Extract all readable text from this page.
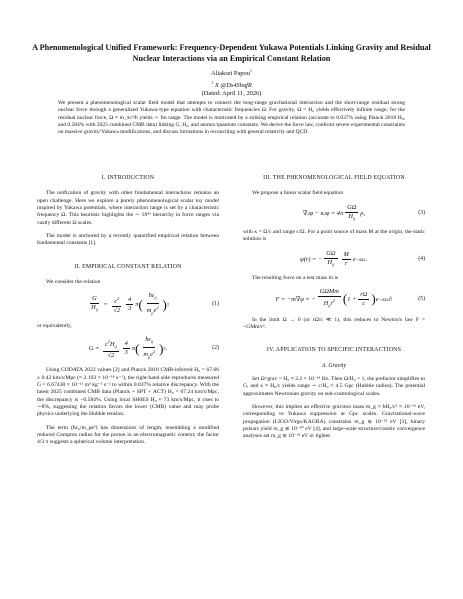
A Phenomenological Unified Framework: Frequency-Dependent Yukawa Potentials Linking Gravity and Residual Nuclear Interactions via an Empirical Constant Relation
Aliaksei Papou$^1$
$^1$ X @Ds4SbqfR
(Dated: April 11, 2026)
We present a phenomenological scalar field model that attempts to connect the long-range gravitational interaction and the short-range residual strong nuclear force through a generalized Yukawa-type equation with characteristic frequencies Ω. For gravity, Ω = H₀ yields effectively infinite range; for the residual nuclear force, Ω ≈ m_πc²/ħ yields ∼ fm range. The model is motivated by a striking empirical relation (accurate to 0.037% using Planck 2018 H₀, and 0.584% with 2025 combined CMB data) linking G, H₀, and atomic/quantum constants. We derive the force law, confront severe experimental constraints on massive gravity/Yukawa modifications, and discuss limitations in reconciling with general relativity and QCD.
I. INTRODUCTION

The unification of gravity with other fundamental interactions remains an open challenge. Here we explore a purely phenomenological scalar toy model inspired by Yukawa potentials, where interaction range is set by a characteristic frequency Ω. This heuristic highlights the ∼ 10⁴² hierarchy in force ranges via vastly different Ω scales.

The model is anchored by a recently quantified empirical relation between fundamental constants [1].

II. EMPIRICAL CONSTANT RELATION

We consider the relation

$\frac{G}{H_0} = \frac{c^2}{√2} \frac{4}{3}$ π ( $\frac{ħ\varepsilon_0}{m_pe^2}$ ) 3	(1)

or equivalently,

$G = \frac{c^2H_0}{√2} \frac{4}{3}$ π ( $\frac{ħ\varepsilon_0}{m_pe^2}$ ) 3 .	(2)

Using CODATA 2022 values [2] and Planck 2018 CMB-inferred H₀ = 67.66 ± 0.42 km/s/Mpc (≈ 2.193 × 10⁻¹⁸ s⁻¹), the right-hand side reproduces measured G = 6.67430 × 10⁻¹¹ m³ kg⁻¹ s⁻² to within 0.037% relative discrepancy. With the latest 2025 combined CMB data (Planck + SPT + ACT) H₀ = 67.24 km/s/Mpc, the discrepancy is −0.584%. Using local SH0ES H₀ ≈ 73 km/s/Mpc, it rises to ∼8%, suggesting the relation favors the lower (CMB) value and may probe physics underlying the Hubble tension.

The term (ħε₀/m_pe²) has dimensions of length, resembling a modified reduced Compton radius for the proton in an electromagnetic context; the factor 4/3 π suggests a spherical volume interpretation.

III. THE PHENOMENOLOGICAL FIELD EQUATION

We propose a linear scalar field equation

∇ 2 φ − κ 2 $\varphi = 4\pi \frac{G\Omega}{H_0} \rho$,	(3)

with κ = Ω/c and range c/Ω. For a point source of mass M at the origin, the static solution is

φ(r) = − $\frac{G\Omega}{H_0} \frac{M}{r}$ e −rΩ/c .	(4)

The resulting force on a test mass m is

F = −m∇φ = − $\frac{\text{GΩMm}}{H_0r^2}$ ( $1 + \frac{r\Omega}{c}$ ) e −rΩ/c r̂.	(5)

In the limit Ω → 0 (or rΩ/c ≪ 1), this reduces to Newton's law F = −GMm/r².

IV. APPLICATION TO SPECIFIC INTERACTIONS
A. Gravity

Set Ω^grav = H₀ ≈ 2.2 × 10⁻¹⁸ Hz. Then Ω/H₀ = 1, the prefactor simplifies to G, and κ ≈ H₀/c yields range ∼ c/H₀ ≈ 4.5 Gpc (Hubble radius). The potential approximates Newtonian gravity on sub-cosmological scales.

However, this implies an effective graviton mass m_g ≈ ħH₀/c² ≈ 10⁻³³ eV, corresponding to Yukawa suppression at Gpc scales. Gravitational-wave propagation (LIGO/Virgo/KAGRA) constrains m_g ≲ 10⁻²³ eV [3], binary pulsars yield m_g ≲ 10⁻²⁰ eV [4], and large-scale structure/cosmic convergence analyses set m_g ≲ 10⁻³² eV or tighter.
